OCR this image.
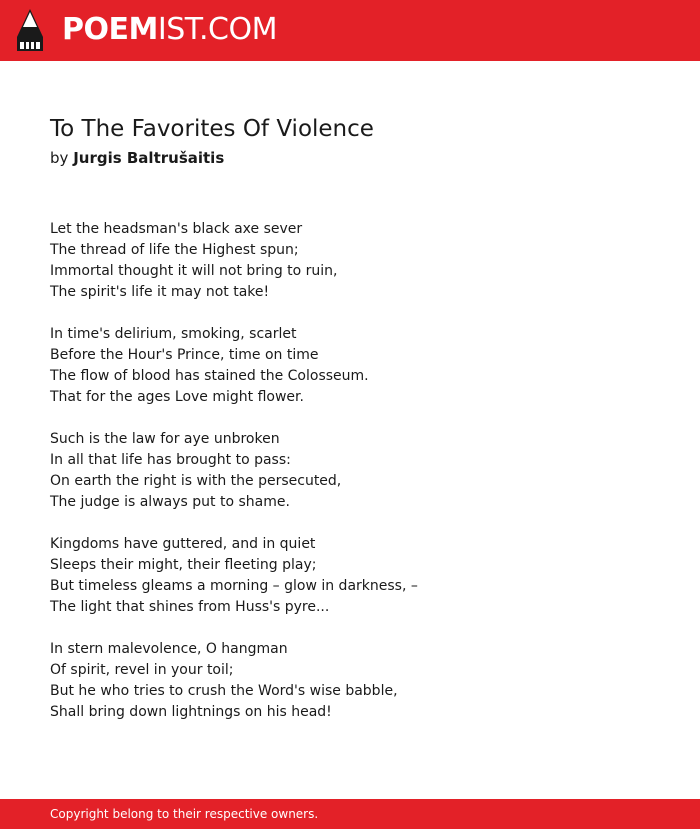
POEMIST.COM
To The Favorites Of Violence
by Jurgis Baltrušaitis
Let the headsman's black axe sever
The thread of life the Highest spun;
Immortal thought it will not bring to ruin,
The spirit's life it may not take!
In time's delirium, smoking, scarlet
Before the Hour's Prince, time on time
The flow of blood has stained the Colosseum.
That for the ages Love might flower.
Such is the law for aye unbroken
In all that life has brought to pass:
On earth the right is with the persecuted,
The judge is always put to shame.
Kingdoms have guttered, and in quiet
Sleeps their might, their fleeting play;
But timeless gleams a morning – glow in darkness, –
The light that shines from Huss's pyre...
In stern malevolence, O hangman
Of spirit, revel in your toil;
But he who tries to crush the Word's wise babble,
Shall bring down lightnings on his head!
Copyright belong to their respective owners.
